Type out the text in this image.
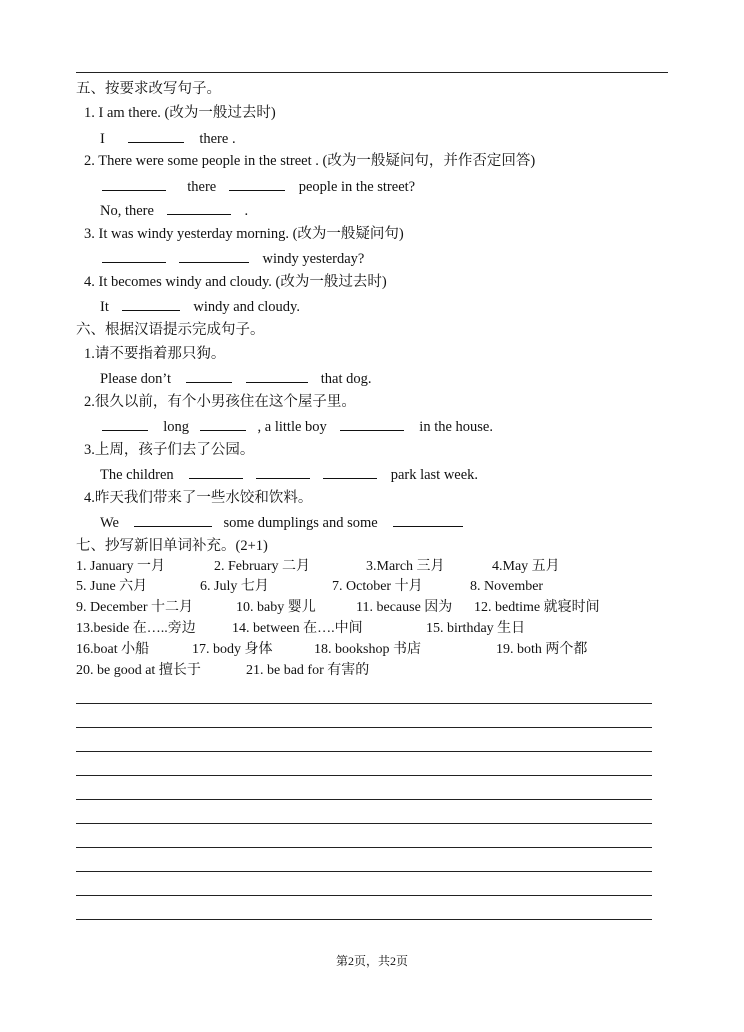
五、按要求改写句子。
1. I am there. (改为一般过去时)
I	there .
2. There were some people in the street . (改为一般疑问句，并作否定回答)
there	people in the street?
No, there	.
3. It was windy yesterday morning. (改为一般疑问句)
windy yesterday?
4. It becomes windy and cloudy. (改为一般过去时)
It	windy and cloudy.
六、根据汉语提示完成句子。
1.请不要指着那只狗。
Please don’t	that dog.
2.很久以前，有个小男孩住在这个屋子里。
long	, a little boy	in the house.
3.上周，孩子们去了公园。
The children	park last week.
4.昨天我们带来了一些水饺和饮料。
We	some dumplings and some
七、抄写新旧单词补充。(2+1)
1. January 一月	2. February 二月	3.March 三月	4.May 五月
5. June 六月	6. July 七月	7. October 十月	8. November
9. December 十二月	10. baby 婴儿	11. because 因为 12. bedtime 就寝时间
13.beside 在…..旁边	14. between 在….中间	15. birthday 生日
16.boat 小船	17. body 身体	18. bookshop 书店	19. both 两个都
20. be good at 擅长于	21. be bad for 有害的
第2页，共2页
